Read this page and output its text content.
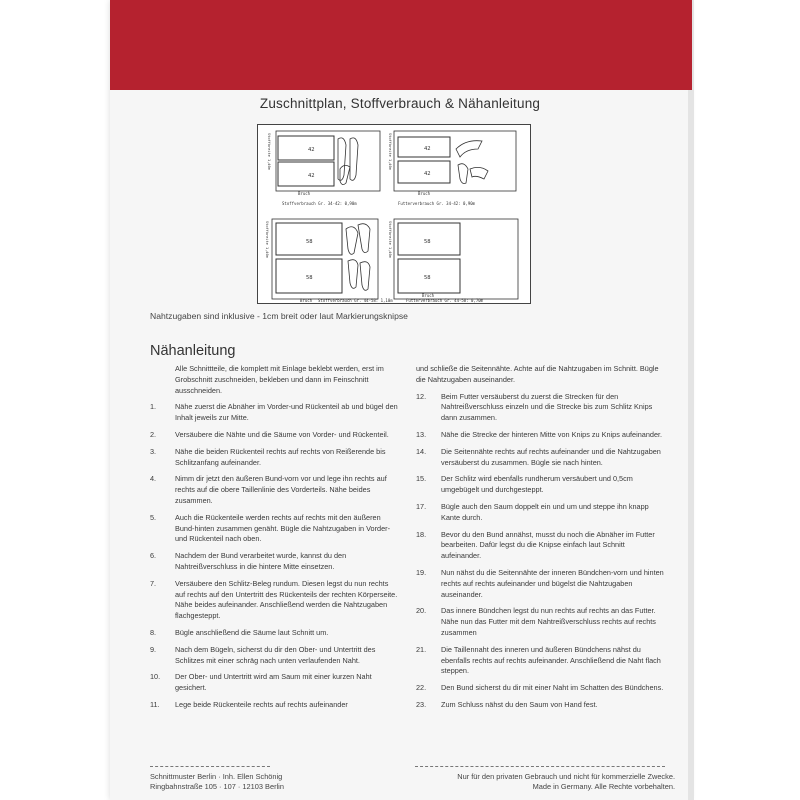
Zuschnittplan, Stoffverbrauch & Nähanleitung
42
42
Bruch
Stoffverbrauch Gr. 34-42: 0,90m
42
42
Bruch
Futterverbrauch Gr. 34-42: 0,90m
58
58
Stoffverbrauch Gr. 44-58: 1,10m
58
58
Bruch
Futterverbrauch Gr. 44-58: 0,70m
Stoffbreite 1,40m	Stoffbreite 1,40m
Stoffbreite 1,40m	Stoffbreite 1,40m
Bruch
Nahtzugaben sind inklusive - 1cm breit oder laut Markierungsknipse
Nähanleitung
Alle Schnittteile, die komplett mit Einlage beklebt werden, erst im Grobschnitt zuschneiden, bekleben und dann im Feinschnitt ausschneiden.
1.	Nähe zuerst die Abnäher im Vorder-und Rückenteil ab und bügel den Inhalt jeweils zur Mitte.
2.	Versäubere die Nähte und die Säume von Vorder- und Rückenteil.
3.	Nähe die beiden Rückenteil rechts auf rechts von Reißerende bis Schlitzanfang aufeinander.
4.	Nimm dir jetzt den äußeren Bund-vorn vor und lege ihn rechts auf rechts auf die obere Taillenlinie des Vorderteils. Nähe beides zusammen.
5.	Auch die Rückenteile werden rechts auf rechts mit den äußeren Bund-hinten zusammen genäht. Bügle die Nahtzugaben in Vorder- und Rückenteil nach oben.
6.	Nachdem der Bund verarbeitet wurde, kannst du den Nahtreißverschluss in die hintere Mitte einsetzen.
7.	Versäubere den Schlitz-Beleg rundum. Diesen legst du nun rechts auf rechts auf den Untertritt des Rückenteils der rechten Körperseite. Nähe beides aufeinander. Anschließend werden die Nahtzugaben flachgesteppt.
8.	Bügle anschließend die Säume laut Schnitt um.
9.	Nach dem Bügeln, sicherst du dir den Ober- und Untertritt des Schlitzes mit einer schräg nach unten verlaufenden Naht.
10. Der Ober- und Untertritt wird am Saum mit einer kurzen Naht gesichert.
11. Lege beide Rückenteile rechts auf rechts aufeinander
und schließe die Seitennähte. Achte auf die Nahtzugaben im Schnitt. Bügle die Nahtzugaben auseinander.
12. Beim Futter versäuberst du zuerst die Strecken für den Nahtreißverschluss einzeln und die Strecke bis zum Schlitz Knips dann zusammen.
13. Nähe die Strecke der hinteren Mitte von Knips zu Knips aufeinander.
14. Die Seitennähte rechts auf rechts aufeinander und die Nahtzugaben versäuberst du zusammen. Bügle sie nach hinten.
15. Der Schlitz wird ebenfalls rundherum versäubert und 0,5cm umgebügelt und durchgesteppt.
17. Bügle auch den Saum doppelt ein und um und steppe ihn knapp Kante durch.
18. Bevor du den Bund annähst, musst du noch die Abnäher im Futter bearbeiten. Dafür legst du die Knipse einfach laut Schnitt aufeinander.
19. Nun nähst du die Seitennähte der inneren Bündchen-vorn und hinten rechts auf rechts aufeinander und bügelst die Nahtzugaben auseinander.
20. Das innere Bündchen legst du nun rechts auf rechts an das Futter. Nähe nun das Futter mit dem Nahtreißverschluss rechts auf rechts zusammen
21. Die Taillennaht des inneren und äußeren Bündchens nähst du ebenfalls rechts auf rechts aufeinander. Anschließend die Naht flach steppen.
22. Den Bund sicherst du dir mit einer Naht im Schatten des Bündchens.
23. Zum Schluss nähst du den Saum von Hand fest.
Schnittmuster Berlin · Inh. Ellen Schönig
Ringbahnstraße 105 · 107 · 12103 Berlin
Nur für den privaten Gebrauch und nicht für kommerzielle Zwecke.
Made in Germany. Alle Rechte vorbehalten.
